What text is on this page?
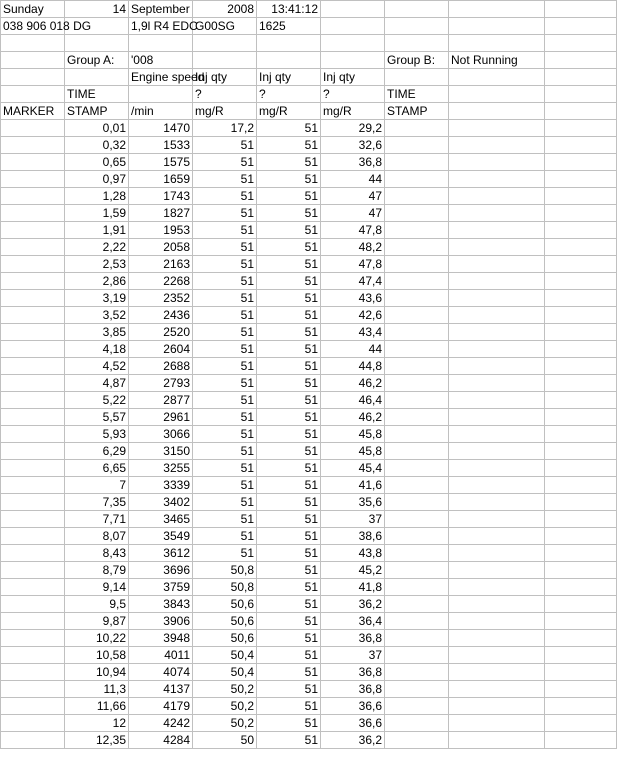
Sunday	14	September	2008	13:41:12				
038 906 018 DG		1,9l R4 EDC	G00SG	1625				

	Group A:	'008				Group B:	Not Running	
		Engine speed	Inj qty	Inj qty	Inj qty			
	TIME		?	?	?	TIME		
MARKER	STAMP	/min	mg/R	mg/R	mg/R	STAMP		
	0,01	1470	17,2	51	29,2			
	0,32	1533	51	51	32,6			
	0,65	1575	51	51	36,8			
	0,97	1659	51	51	44			
	1,28	1743	51	51	47			
	1,59	1827	51	51	47			
	1,91	1953	51	51	47,8			
	2,22	2058	51	51	48,2			
	2,53	2163	51	51	47,8			
	2,86	2268	51	51	47,4			
	3,19	2352	51	51	43,6			
	3,52	2436	51	51	42,6			
	3,85	2520	51	51	43,4			
	4,18	2604	51	51	44			
	4,52	2688	51	51	44,8			
	4,87	2793	51	51	46,2			
	5,22	2877	51	51	46,4			
	5,57	2961	51	51	46,2			
	5,93	3066	51	51	45,8			
	6,29	3150	51	51	45,8			
	6,65	3255	51	51	45,4			
	7	3339	51	51	41,6			
	7,35	3402	51	51	35,6			
	7,71	3465	51	51	37			
	8,07	3549	51	51	38,6			
	8,43	3612	51	51	43,8			
	8,79	3696	50,8	51	45,2			
	9,14	3759	50,8	51	41,8			
	9,5	3843	50,6	51	36,2			
	9,87	3906	50,6	51	36,4			
	10,22	3948	50,6	51	36,8			
	10,58	4011	50,4	51	37			
	10,94	4074	50,4	51	36,8			
	11,3	4137	50,2	51	36,8			
	11,66	4179	50,2	51	36,6			
	12	4242	50,2	51	36,6			
	12,35	4284	50	51	36,2			
